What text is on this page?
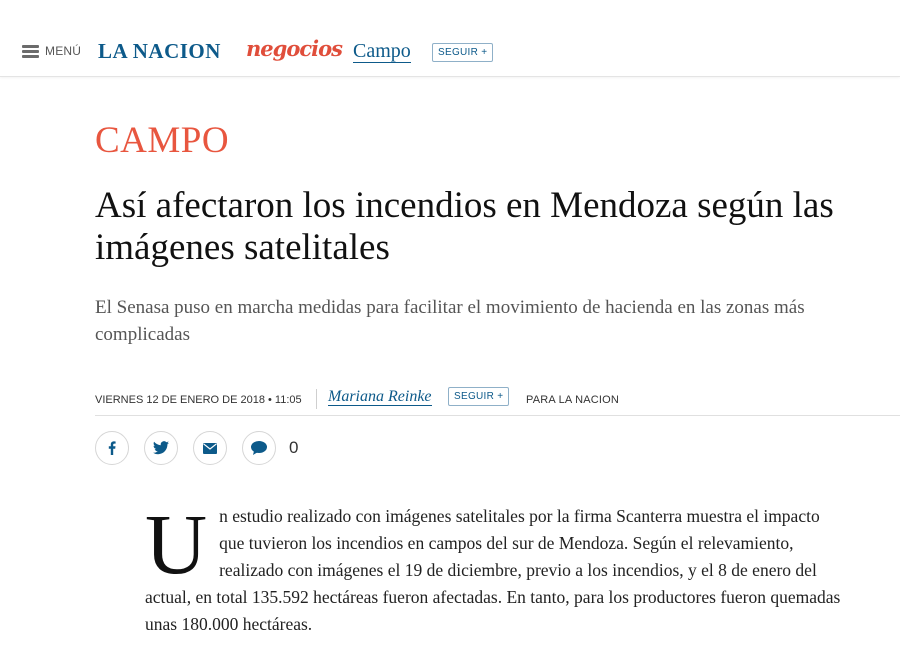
MENÚ LA NACION negocios Campo	SEGUIR +
CAMPO
Así afectaron los incendios en Mendoza según las imágenes satelitales
El Senasa puso en marcha medidas para facilitar el movimiento de hacienda en las zonas más complicadas
VIERNES 12 DE ENERO DE 2018 • 11:05 Mariana Reinke	SEGUIR +	PARA LA NACION
0
Un estudio realizado con imágenes satelitales por la firma Scanterra muestra el impacto que tuvieron los incendios en campos del sur de Mendoza. Según el relevamiento, realizado con imágenes el 19 de diciembre, previo a los incendios, y el 8 de enero del actual, en total 135.592 hectáreas fueron afectadas. En tanto, para los productores fueron quemadas unas 180.000 hectáreas.
